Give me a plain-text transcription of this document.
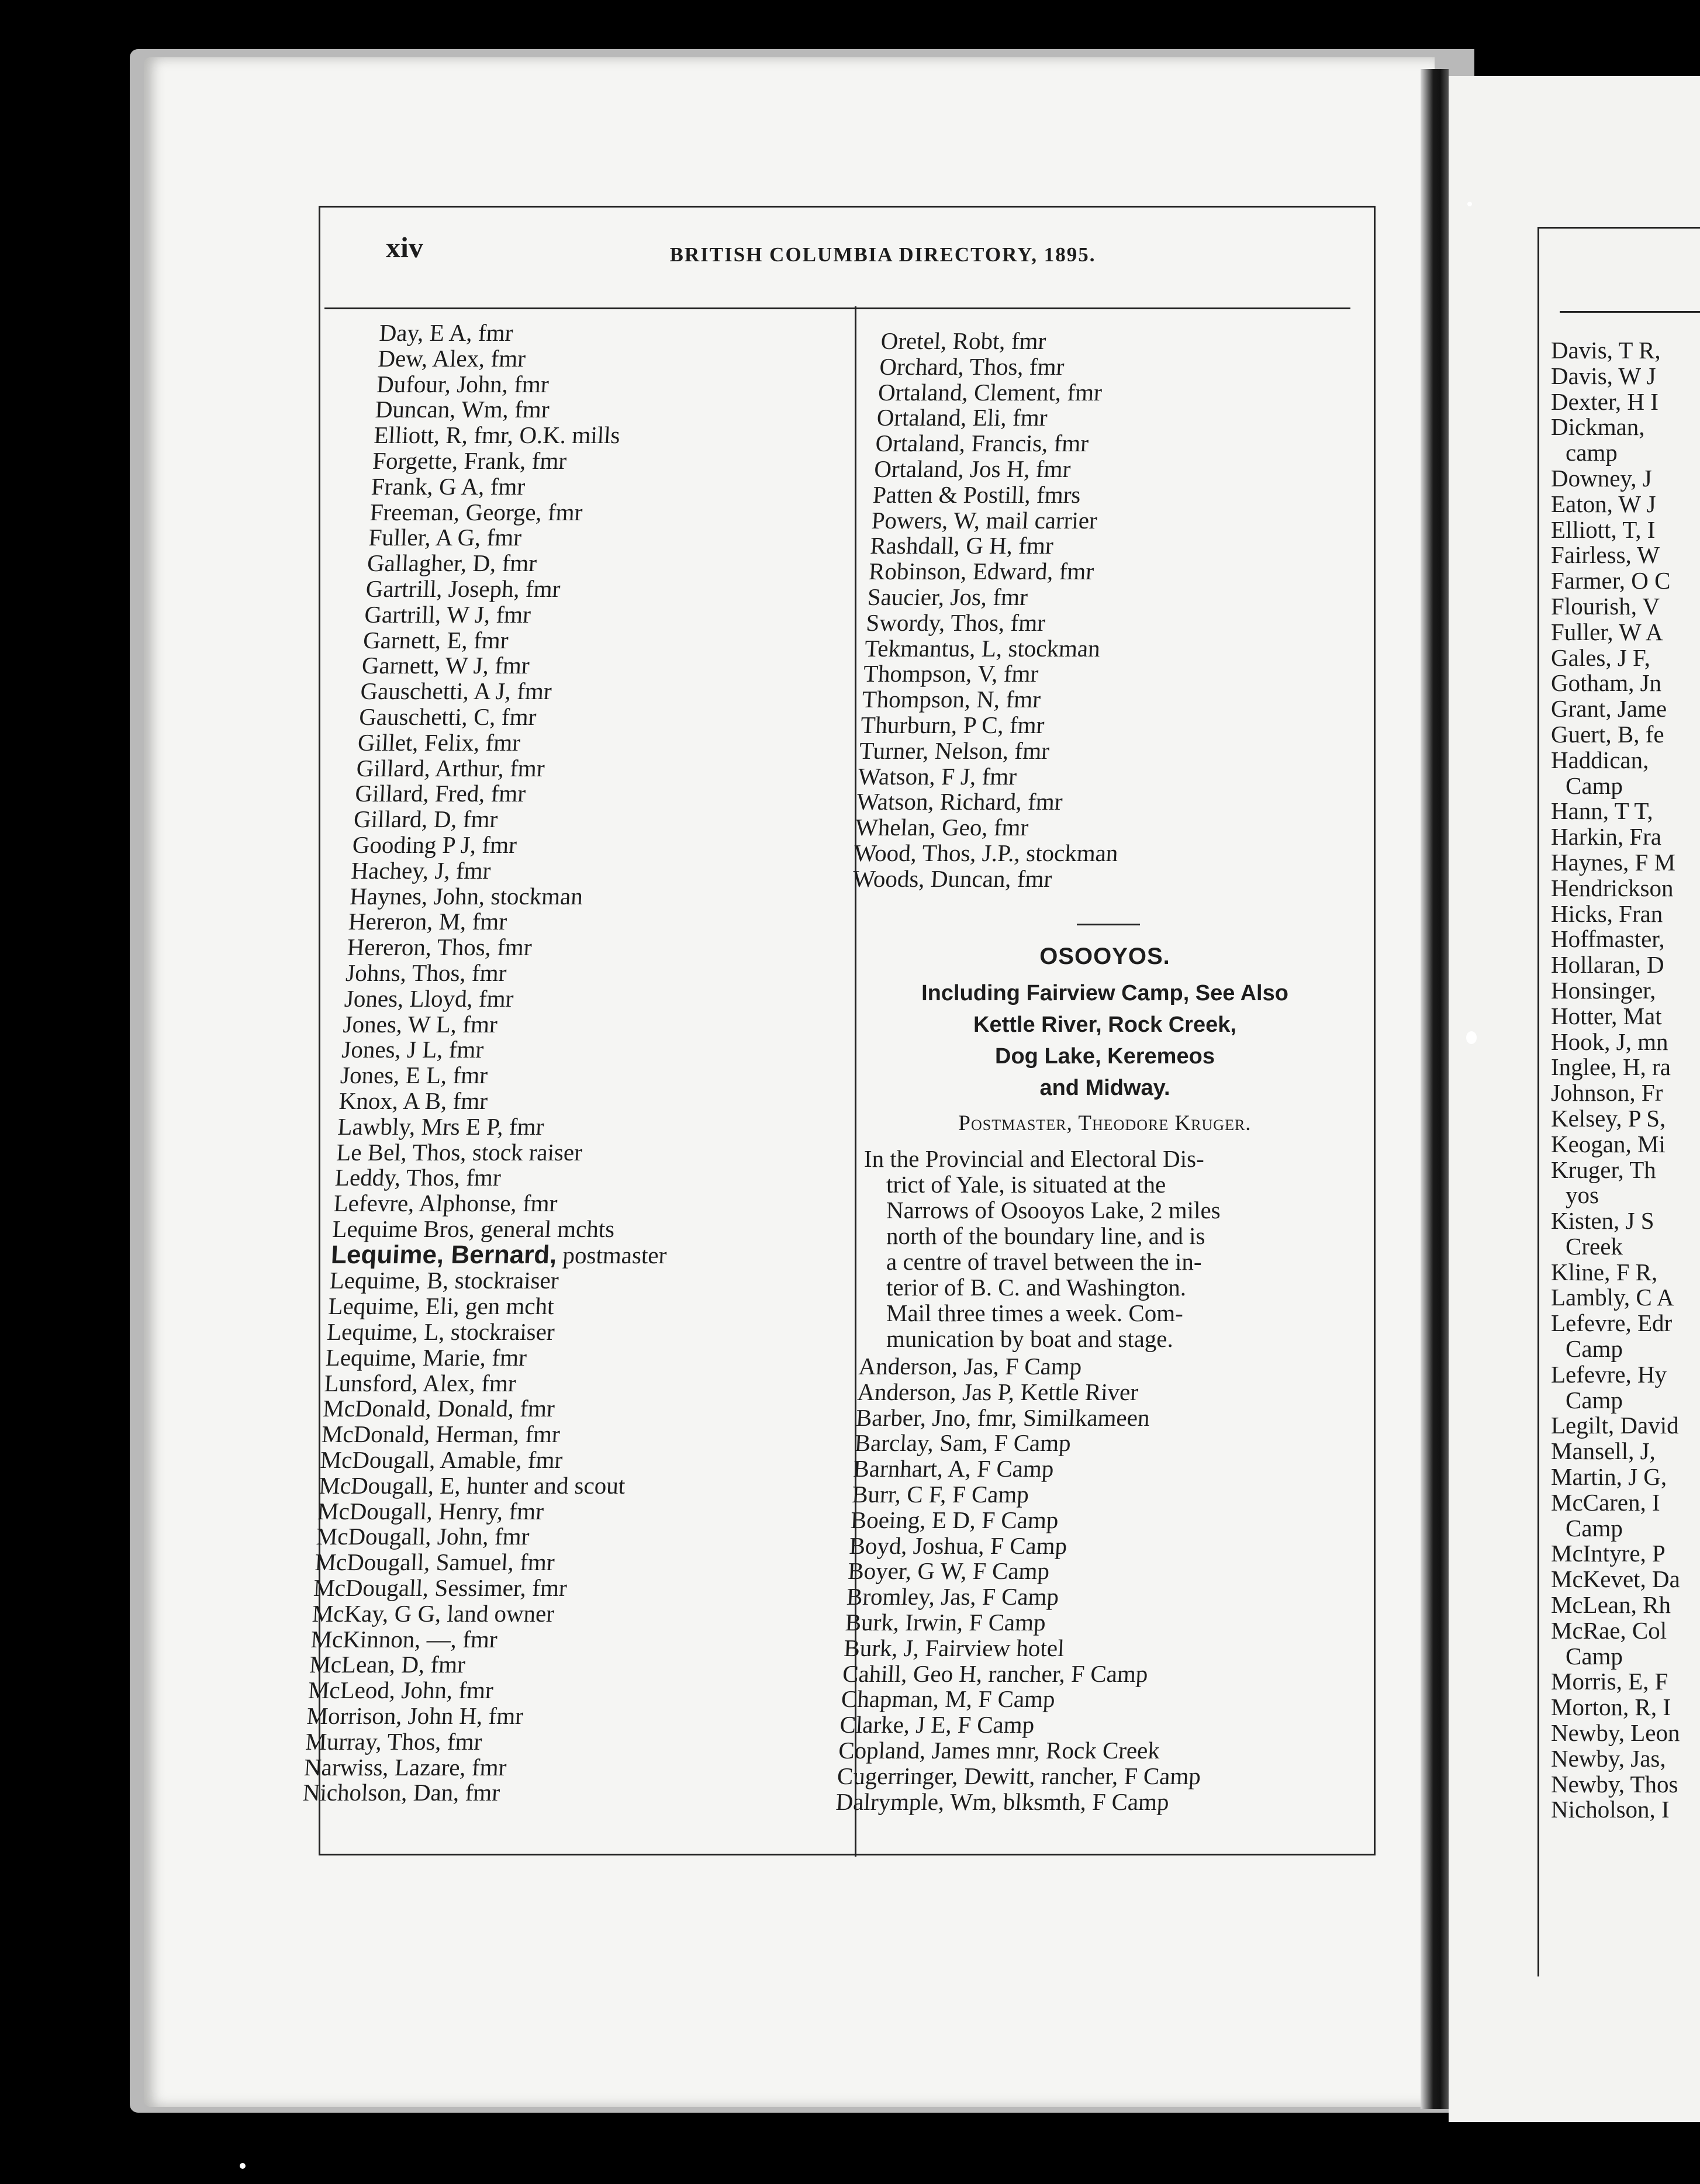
Davis, T R,
Davis, W J
Dexter, H I
Dickman,
camp
Downey, J
Eaton, W J
Elliott, T, I
Fairless, W
Farmer, O C
Flourish, V
Fuller, W A
Gales, J F,
Gotham, Jn
Grant, Jame
Guert, B, fe
Haddican,
Camp
Hann, T T,
Harkin, Fra
Haynes, F M
Hendrickson
Hicks, Fran
Hoffmaster,
Hollaran, D
Honsinger,
Hotter, Mat
Hook, J, mn
Inglee, H, ra
Johnson, Fr
Kelsey, P S,
Keogan, Mi
Kruger, Th
yos
Kisten, J S
Creek
Kline, F R,
Lambly, C A
Lefevre, Edr
Camp
Lefevre, Hy
Camp
Legilt, David
Mansell, J,
Martin, J G,
McCaren, I
Camp
McIntyre, P
McKevet, Da
McLean, Rh
McRae, Col
Camp
Morris, E, F
Morton, R, I
Newby, Leon
Newby, Jas,
Newby, Thos
Nicholson, I
xiv	BRITISH COLUMBIA DIRECTORY, 1895.
Day, E A, fmr
Dew, Alex, fmr
Dufour, John, fmr
Duncan, Wm, fmr
Elliott, R, fmr, O.K. mills
Forgette, Frank, fmr
Frank, G A, fmr
Freeman, George, fmr
Fuller, A G, fmr
Gallagher, D, fmr
Gartrill, Joseph, fmr
Gartrill, W J, fmr
Garnett, E, fmr
Garnett, W J, fmr
Gauschetti, A J, fmr
Gauschetti, C, fmr
Gillet, Felix, fmr
Gillard, Arthur, fmr
Gillard, Fred, fmr
Gillard, D, fmr
Gooding P J, fmr
Hachey, J, fmr
Haynes, John, stockman
Hereron, M, fmr
Hereron, Thos, fmr
Johns, Thos, fmr
Jones, Lloyd, fmr
Jones, W L, fmr
Jones, J L, fmr
Jones, E L, fmr
Knox, A B, fmr
Lawbly, Mrs E P, fmr
Le Bel, Thos, stock raiser
Leddy, Thos, fmr
Lefevre, Alphonse, fmr
Lequime Bros, general mchts
Lequime, Bernard, postmaster
Lequime, B, stockraiser
Lequime, Eli, gen mcht
Lequime, L, stockraiser
Lequime, Marie, fmr
Lunsford, Alex, fmr
McDonald, Donald, fmr
McDonald, Herman, fmr
McDougall, Amable, fmr
McDougall, E, hunter and scout
McDougall, Henry, fmr
McDougall, John, fmr
McDougall, Samuel, fmr
McDougall, Sessimer, fmr
McKay, G G, land owner
McKinnon, —, fmr
McLean, D, fmr
McLeod, John, fmr
Morrison, John H, fmr
Murray, Thos, fmr
Narwiss, Lazare, fmr
Nicholson, Dan, fmr
Oretel, Robt, fmr
Orchard, Thos, fmr
Ortaland, Clement, fmr
Ortaland, Eli, fmr
Ortaland, Francis, fmr
Ortaland, Jos H, fmr
Patten & Postill, fmrs
Powers, W, mail carrier
Rashdall, G H, fmr
Robinson, Edward, fmr
Saucier, Jos, fmr
Swordy, Thos, fmr
Tekmantus, L, stockman
Thompson, V, fmr
Thompson, N, fmr
Thurburn, P C, fmr
Turner, Nelson, fmr
Watson, F J, fmr
Watson, Richard, fmr
Whelan, Geo, fmr
Wood, Thos, J.P., stockman
Woods, Duncan, fmr
OSOOYOS.
Including Fairview Camp, See Also
Kettle River, Rock Creek,
Dog Lake, Keremeos
and Midway.
Postmaster, Theodore Kruger.
In the Provincial and Electoral Dis-
trict of Yale, is situated at the
Narrows of Osooyos Lake, 2 miles
north of the boundary line, and is
a centre of travel between the in-
terior of B. C. and Washington.
Mail three times a week. Com-
munication by boat and stage.
Anderson, Jas, F Camp
Anderson, Jas P, Kettle River
Barber, Jno, fmr, Similkameen
Barclay, Sam, F Camp
Barnhart, A, F Camp
Burr, C F, F Camp
Boeing, E D, F Camp
Boyd, Joshua, F Camp
Boyer, G W, F Camp
Bromley, Jas, F Camp
Burk, Irwin, F Camp
Burk, J, Fairview hotel
Cahill, Geo H, rancher, F Camp
Chapman, M, F Camp
Clarke, J E, F Camp
Copland, James mnr, Rock Creek
Cugerringer, Dewitt, rancher, F Camp
Dalrymple, Wm, blksmth, F Camp
